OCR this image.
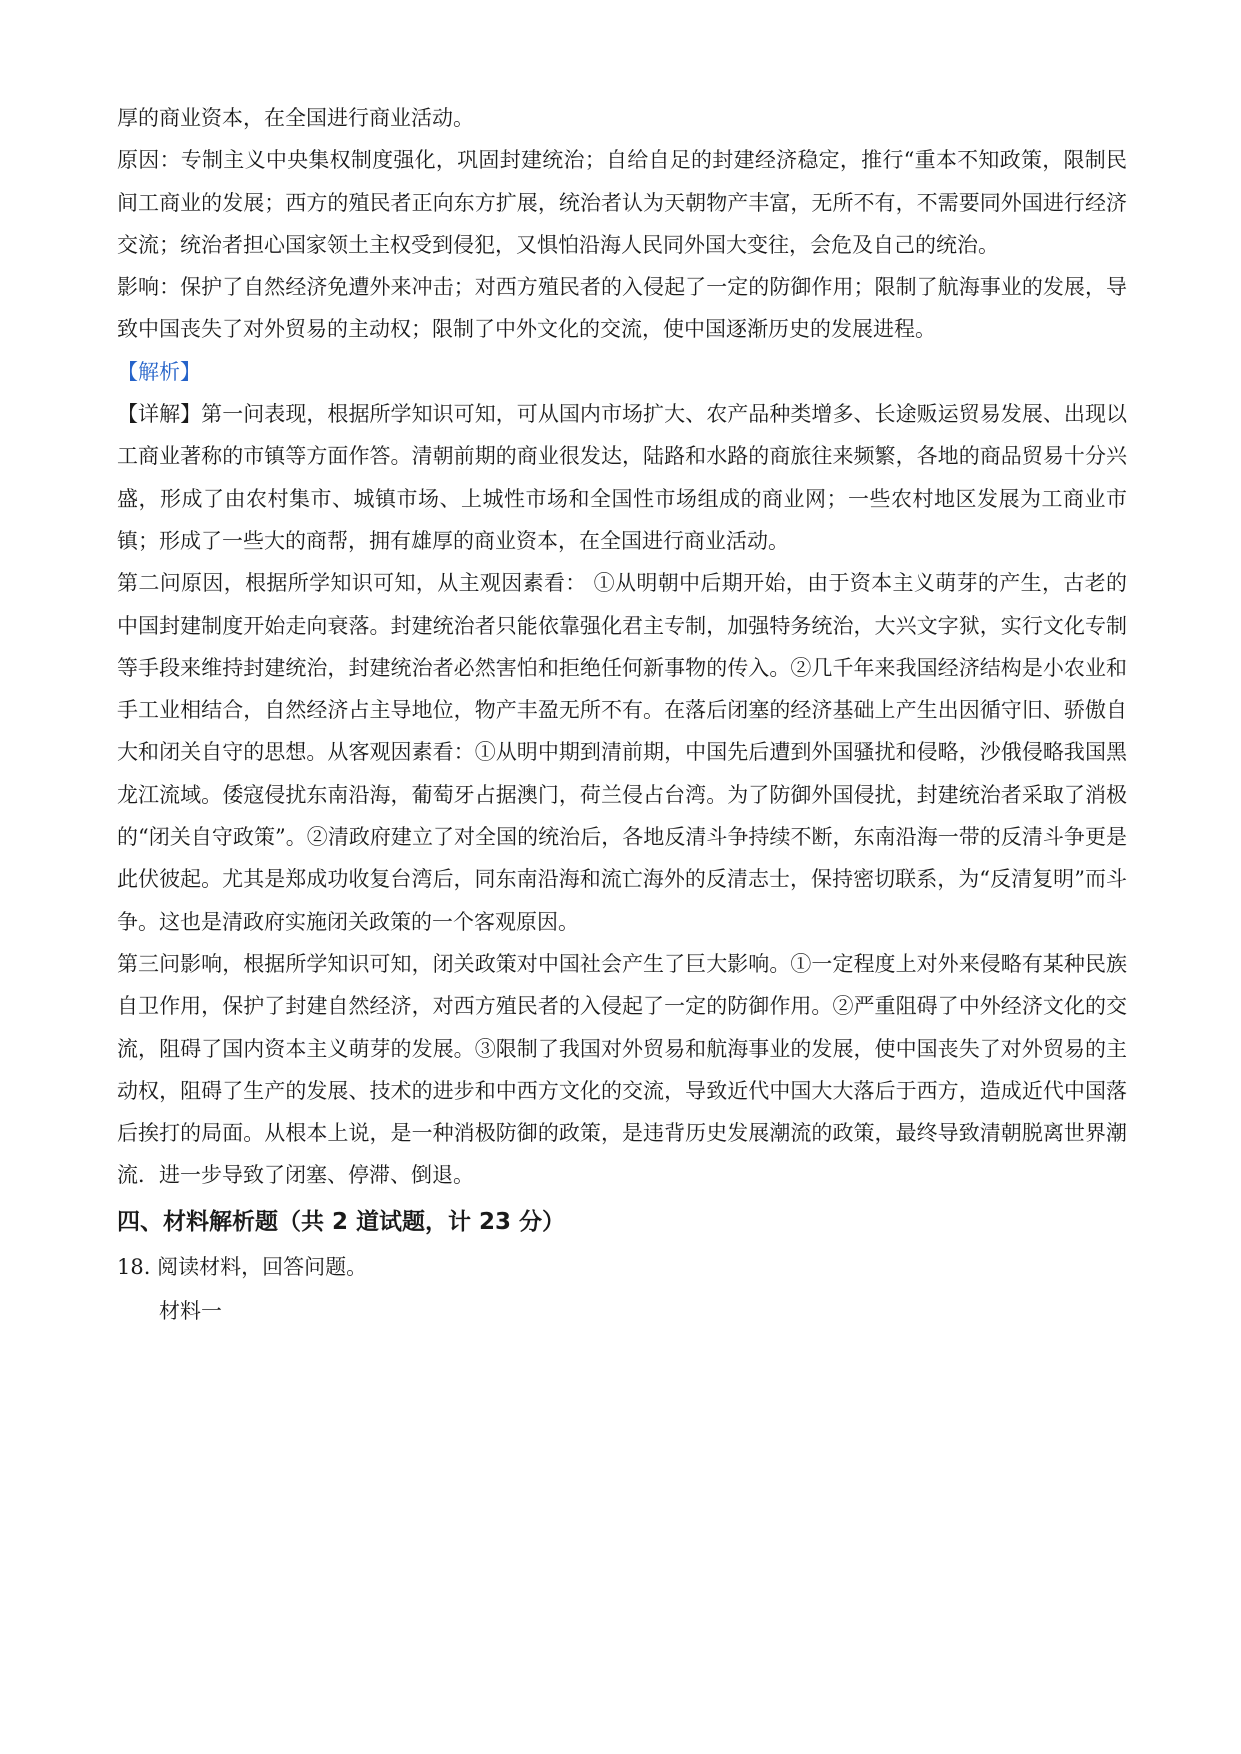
厚的商业资本，在全国进行商业活动。

原因：专制主义中央集权制度强化，巩固封建统治；自给自足的封建经济稳定，推行“重本不知政策，限制民间工商业的发展；西方的殖民者正向东方扩展，统治者认为天朝物产丰富，无所不有，不需要同外国进行经济交流；统治者担心国家领土主权受到侵犯，又惧怕沿海人民同外国大变往，会危及自己的统治。

影响：保护了自然经济免遭外来冲击；对西方殖民者的入侵起了一定的防御作用；限制了航海事业的发展，导致中国丧失了对外贸易的主动权；限制了中外文化的交流，使中国逐渐历史的发展进程。

【解析】

【详解】第一问表现，根据所学知识可知，可从国内市场扩大、农产品种类增多、长途贩运贸易发展、出现以工商业著称的市镇等方面作答。清朝前期的商业很发达，陆路和水路的商旅往来频繁，各地的商品贸易十分兴盛，形成了由农村集市、城镇市场、上城性市场和全国性市场组成的商业网；一些农村地区发展为工商业市镇；形成了一些大的商帮，拥有雄厚的商业资本，在全国进行商业活动。

第二问原因，根据所学知识可知，从主观因素看： ①从明朝中后期开始，由于资本主义萌芽的产生，古老的中国封建制度开始走向衰落。封建统治者只能依靠强化君主专制，加强特务统治，大兴文字狱，实行文化专制等手段来维持封建统治，封建统治者必然害怕和拒绝任何新事物的传入。②几千年来我国经济结构是小农业和手工业相结合，自然经济占主导地位，物产丰盈无所不有。在落后闭塞的经济基础上产生出因循守旧、骄傲自大和闭关自守的思想。从客观因素看：①从明中期到清前期，中国先后遭到外国骚扰和侵略，沙俄侵略我国黑龙江流域。倭寇侵扰东南沿海，葡萄牙占据澳门，荷兰侵占台湾。为了防御外国侵扰，封建统治者采取了消极的“闭关自守政策”。②清政府建立了对全国的统治后，各地反清斗争持续不断，东南沿海一带的反清斗争更是此伏彼起。尤其是郑成功收复台湾后，同东南沿海和流亡海外的反清志士，保持密切联系，为“反清复明”而斗争。这也是清政府实施闭关政策的一个客观原因。

第三问影响，根据所学知识可知，闭关政策对中国社会产生了巨大影响。①一定程度上对外来侵略有某种民族自卫作用，保护了封建自然经济，对西方殖民者的入侵起了一定的防御作用。②严重阻碍了中外经济文化的交流，阻碍了国内资本主义萌芽的发展。③限制了我国对外贸易和航海事业的发展，使中国丧失了对外贸易的主动权，阻碍了生产的发展、技术的进步和中西方文化的交流，导致近代中国大大落后于西方，造成近代中国落后挨打的局面。从根本上说，是一种消极防御的政策，是违背历史发展潮流的政策，最终导致清朝脱离世界潮流．进一步导致了闭塞、停滞、倒退。

四、材料解析题（共 2 道试题，计 23 分）

18. 阅读材料，回答问题。

材料一
